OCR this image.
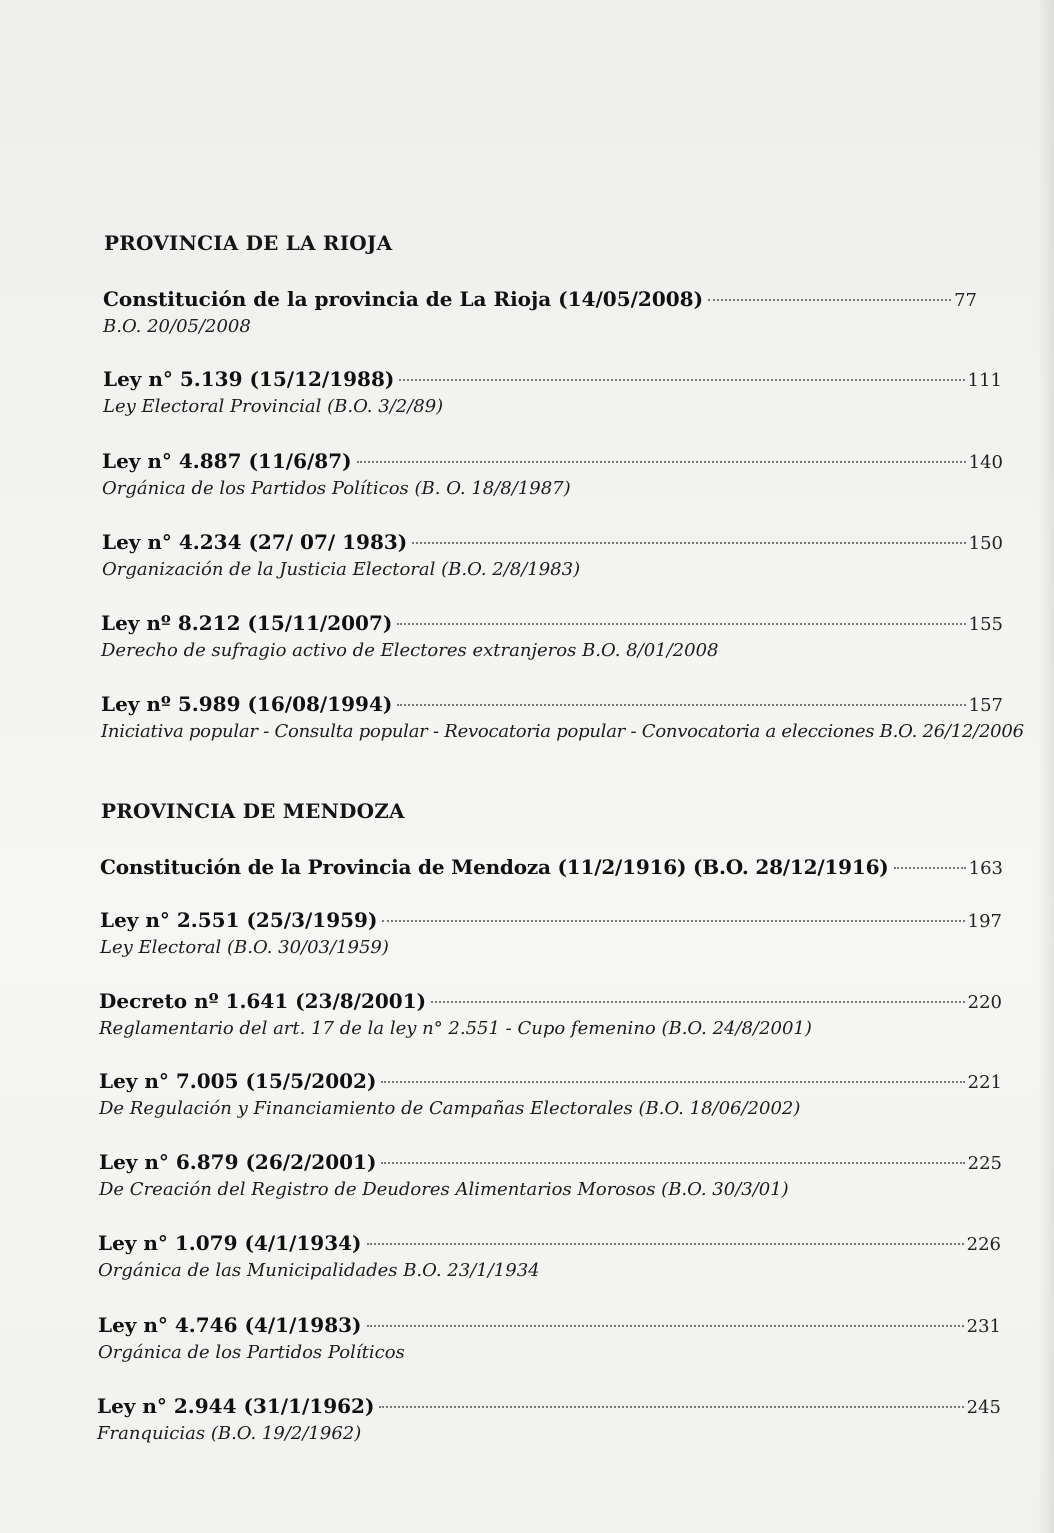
PROVINCIA DE LA RIOJA
Constitución de la provincia de La Rioja (14/05/2008)	77
B.O. 20/05/2008
Ley n° 5.139 (15/12/1988)	111
Ley Electoral Provincial (B.O. 3/2/89)
Ley n° 4.887 (11/6/87)	140
Orgánica de los Partidos Políticos (B. O. 18/8/1987)
Ley n° 4.234 (27/ 07/ 1983)	150
Organización de la Justicia Electoral (B.O. 2/8/1983)
Ley nº 8.212 (15/11/2007)	155
Derecho de sufragio activo de Electores extranjeros B.O. 8/01/2008
Ley nº 5.989 (16/08/1994)	157
Iniciativa popular - Consulta popular - Revocatoria popular - Convocatoria a elecciones B.O. 26/12/2006
PROVINCIA DE MENDOZA
Constitución de la Provincia de Mendoza (11/2/1916) (B.O. 28/12/1916)	163
Ley n° 2.551 (25/3/1959)	197
Ley Electoral (B.O. 30/03/1959)
Decreto nº 1.641 (23/8/2001)	220
Reglamentario del art. 17 de la ley n° 2.551 - Cupo femenino (B.O. 24/8/2001)
Ley n° 7.005 (15/5/2002)	221
De Regulación y Financiamiento de Campañas Electorales (B.O. 18/06/2002)
Ley n° 6.879 (26/2/2001)	225
De Creación del Registro de Deudores Alimentarios Morosos (B.O. 30/3/01)
Ley n° 1.079 (4/1/1934)	226
Orgánica de las Municipalidades B.O. 23/1/1934
Ley n° 4.746 (4/1/1983)	231
Orgánica de los Partidos Políticos
Ley n° 2.944 (31/1/1962)	245
Franquicias (B.O. 19/2/1962)
